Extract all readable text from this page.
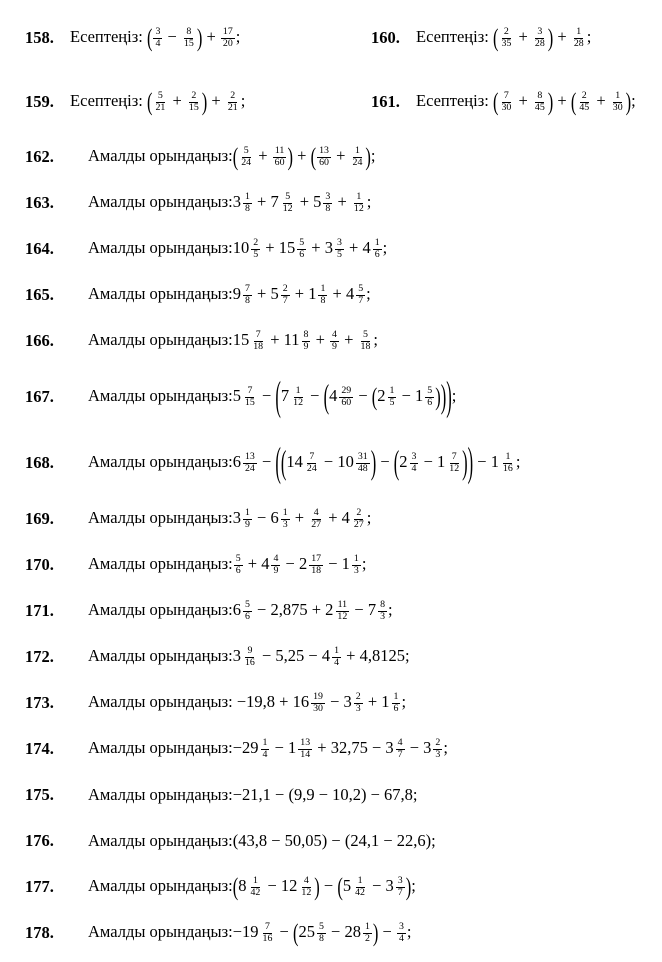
158. Есептеңіз: ( $\frac{3}{4} - \frac{8}{15}$ ) + $\frac{17}{20}$ ;	160. Есептеңіз: ( $\frac{2}{35} + \frac{3}{28}$ ) + $\frac{1}{28}$ ;
159. Есептеңіз: ( $\frac{5}{21} + \frac{2}{15}$ ) + $\frac{2}{21}$ ;	161. Есептеңіз: ( $\frac{7}{30} + \frac{8}{45}$ ) + ( $\frac{2}{45} + \frac{1}{30}$ );
162.	Амалды орындаңыз:( $\frac{5}{24} + \frac{11}{60}$ ) + ( $\frac{13}{60} + \frac{1}{24}$ );
163.	Амалды орындаңыз:3 $\frac{1}{8} + 7 \frac{5}{12} + 5 \frac{3}{8} + \frac{1}{12}$ ;
164.	Амалды орындаңыз:10 $\frac{2}{5} + 15 \frac{5}{6} + 3 \frac{3}{5} + 4 \frac{1}{6}$ ;
165.	Амалды орындаңыз:9 $\frac{7}{8} + 5 \frac{2}{7} + 1 \frac{1}{8} + 4 \frac{5}{7}$ ;
166.	Амалды орындаңыз:15 $\frac{7}{18} + 11 \frac{8}{9} + \frac{4}{9} + \frac{5}{18}$ ;
167.	Амалды орындаңыз:5 $\frac{7}{15} - (7 \frac{1}{12} - (4 \frac{29}{60} - (2 \frac{1}{5} - 1 \frac{5}{6}$ )));
168.	Амалды орындаңыз:6 $\frac{13}{24} - ((14 \frac{7}{24} - 10 \frac{31}{48}$ ) − ($2 \frac{3}{4} - 1 \frac{7}{12}$ )) − $1 \frac{1}{16}$ ;
169.	Амалды орындаңыз:3 $\frac{1}{9} - 6 \frac{1}{3} + \frac{4}{27} + 4 \frac{2}{27}$ ;
170.	Амалды орындаңыз: $\frac{5}{6} + 4 \frac{4}{9} - 2 \frac{17}{18} - 1 \frac{1}{3}$ ;
171.	Амалды орындаңыз:6 $\frac{5}{6} - 2,875 + 2 \frac{11}{12} - 7 \frac{8}{3}$ ;
172.	Амалды орындаңыз:3 $\frac{9}{16} - 5,25 - 4 \frac{1}{4} + 4,8125$;
173.	Амалды орындаңыз: $-19,8 + 16 \frac{19}{30} - 3 \frac{2}{3} + 1 \frac{1}{6}$ ;
174.	Амалды орындаңыз:−29 $\frac{1}{4} - 1 \frac{13}{14} + 32,75 - 3 \frac{4}{7} - 3 \frac{2}{3}$ ;
175.	Амалды орындаңыз:−21,1 − (9,9 − 10,2) − 67,8;
176.	Амалды орындаңыз:(43,8 − 50,05) − (24,1 − 22,6);
177.	Амалды орындаңыз:(8 $\frac{1}{42} - 12 \frac{4}{12}$ ) − ($5 \frac{1}{42} - 3 \frac{3}{7}$ );
178.	Амалды орындаңыз:−19 $\frac{7}{16} - (25 \frac{5}{8} - 28 \frac{1}{2}$ ) − $\frac{3}{4}$ ;
